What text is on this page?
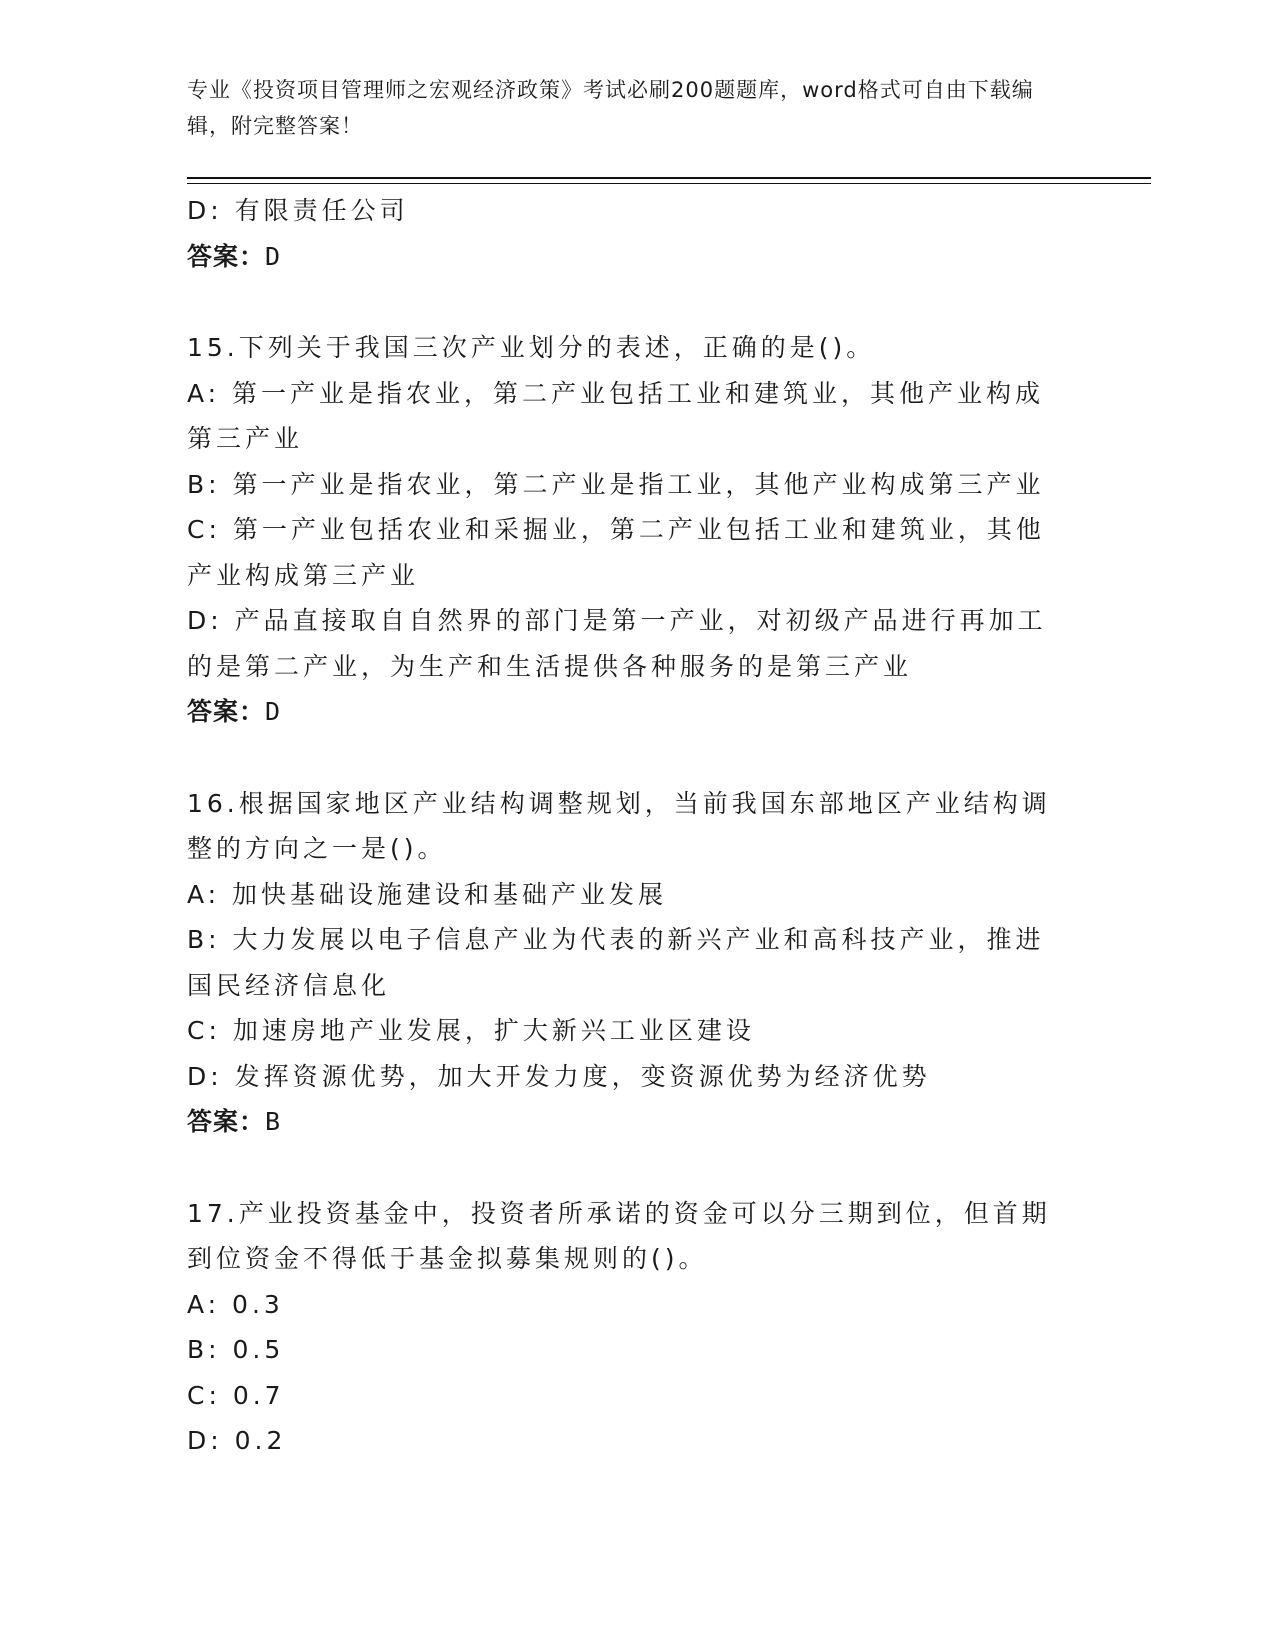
专业《投资项目管理师之宏观经济政策》考试必刷200题题库，word格式可自由下载编辑，附完整答案！

D: 有限责任公司

答案：D

15.下列关于我国三次产业划分的表述，正确的是()。

A: 第一产业是指农业，第二产业包括工业和建筑业，其他产业构成第三产业

B: 第一产业是指农业，第二产业是指工业，其他产业构成第三产业

C: 第一产业包括农业和采掘业，第二产业包括工业和建筑业，其他产业构成第三产业

D: 产品直接取自自然界的部门是第一产业，对初级产品进行再加工的是第二产业，为生产和生活提供各种服务的是第三产业

答案：D

16.根据国家地区产业结构调整规划，当前我国东部地区产业结构调整的方向之一是()。

A: 加快基础设施建设和基础产业发展

B: 大力发展以电子信息产业为代表的新兴产业和高科技产业，推进国民经济信息化

C: 加速房地产业发展，扩大新兴工业区建设

D: 发挥资源优势，加大开发力度，变资源优势为经济优势

答案：B

17.产业投资基金中，投资者所承诺的资金可以分三期到位，但首期到位资金不得低于基金拟募集规则的()。

A: 0.3

B: 0.5

C: 0.7

D: 0.2
